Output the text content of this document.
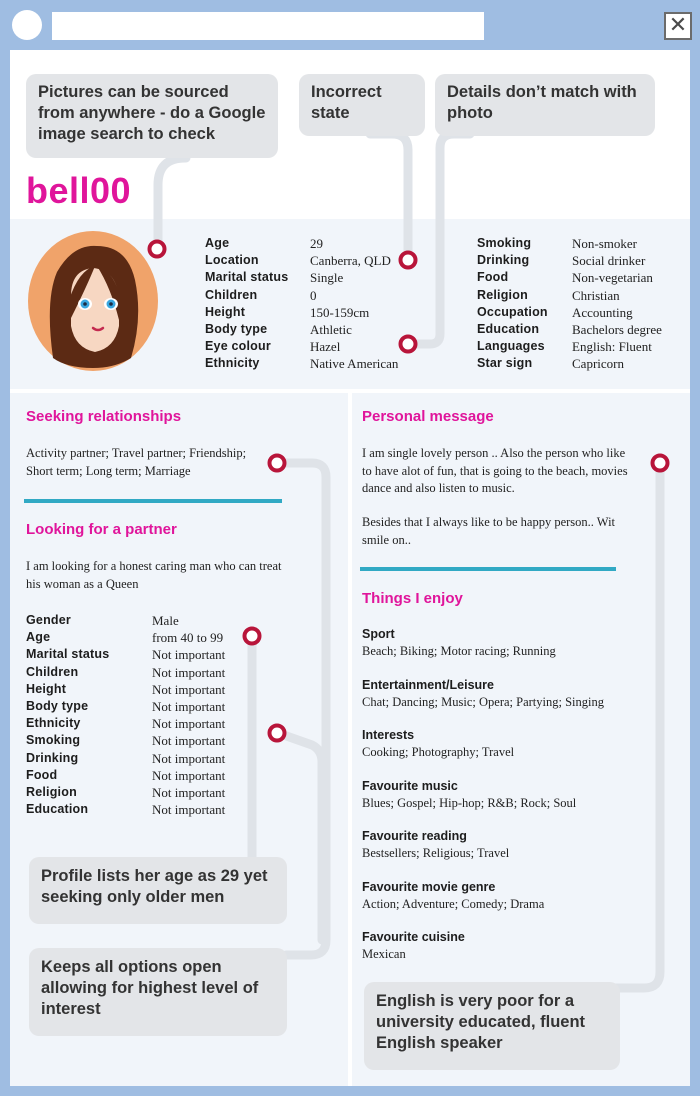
✕
Pictures can be sourced from anywhere - do a Google image search to check
Incorrect state
Details don’t match with photo
bell00
Age	29
Location	Canberra, QLD
Marital status	Single
Children	0
Height	150-159cm
Body type	Athletic
Eye colour	Hazel
Ethnicity	Native American
Smoking	Non-smoker
Drinking	Social drinker
Food	Non-vegetarian
Religion	Christian
Occupation	Accounting
Education	Bachelors degree
Languages	English: Fluent
Star sign	Capricorn
Seeking relationships
Activity partner; Travel partner; Friendship; Short term; Long term; Marriage
Looking for a partner
I am looking for a honest caring man who can treat his woman as a Queen
Gender	Male
Age	from 40 to 99
Marital status	Not important
Children	Not important
Height	Not important
Body type	Not important
Ethnicity	Not important
Smoking	Not important
Drinking	Not important
Food	Not important
Religion	Not important
Education	Not important
Personal message
I am single lovely person .. Also the person who like to have alot of fun, that is going to the beach, movies dance and also listen to music.
Besides that I always like to be happy person.. Wit smile on..
Things I enjoy
Sport
Beach; Biking; Motor racing; Running
Entertainment/Leisure
Chat; Dancing; Music; Opera; Partying; Singing
Interests
Cooking; Photography; Travel
Favourite music
Blues; Gospel; Hip-hop; R&B; Rock; Soul
Favourite reading
Bestsellers; Religious; Travel
Favourite movie genre
Action; Adventure; Comedy; Drama
Favourite cuisine
Mexican
Profile lists her age as 29 yet seeking only older men
Keeps all options open allowing for highest level of interest	English is very poor for a university educated, fluent English speaker
